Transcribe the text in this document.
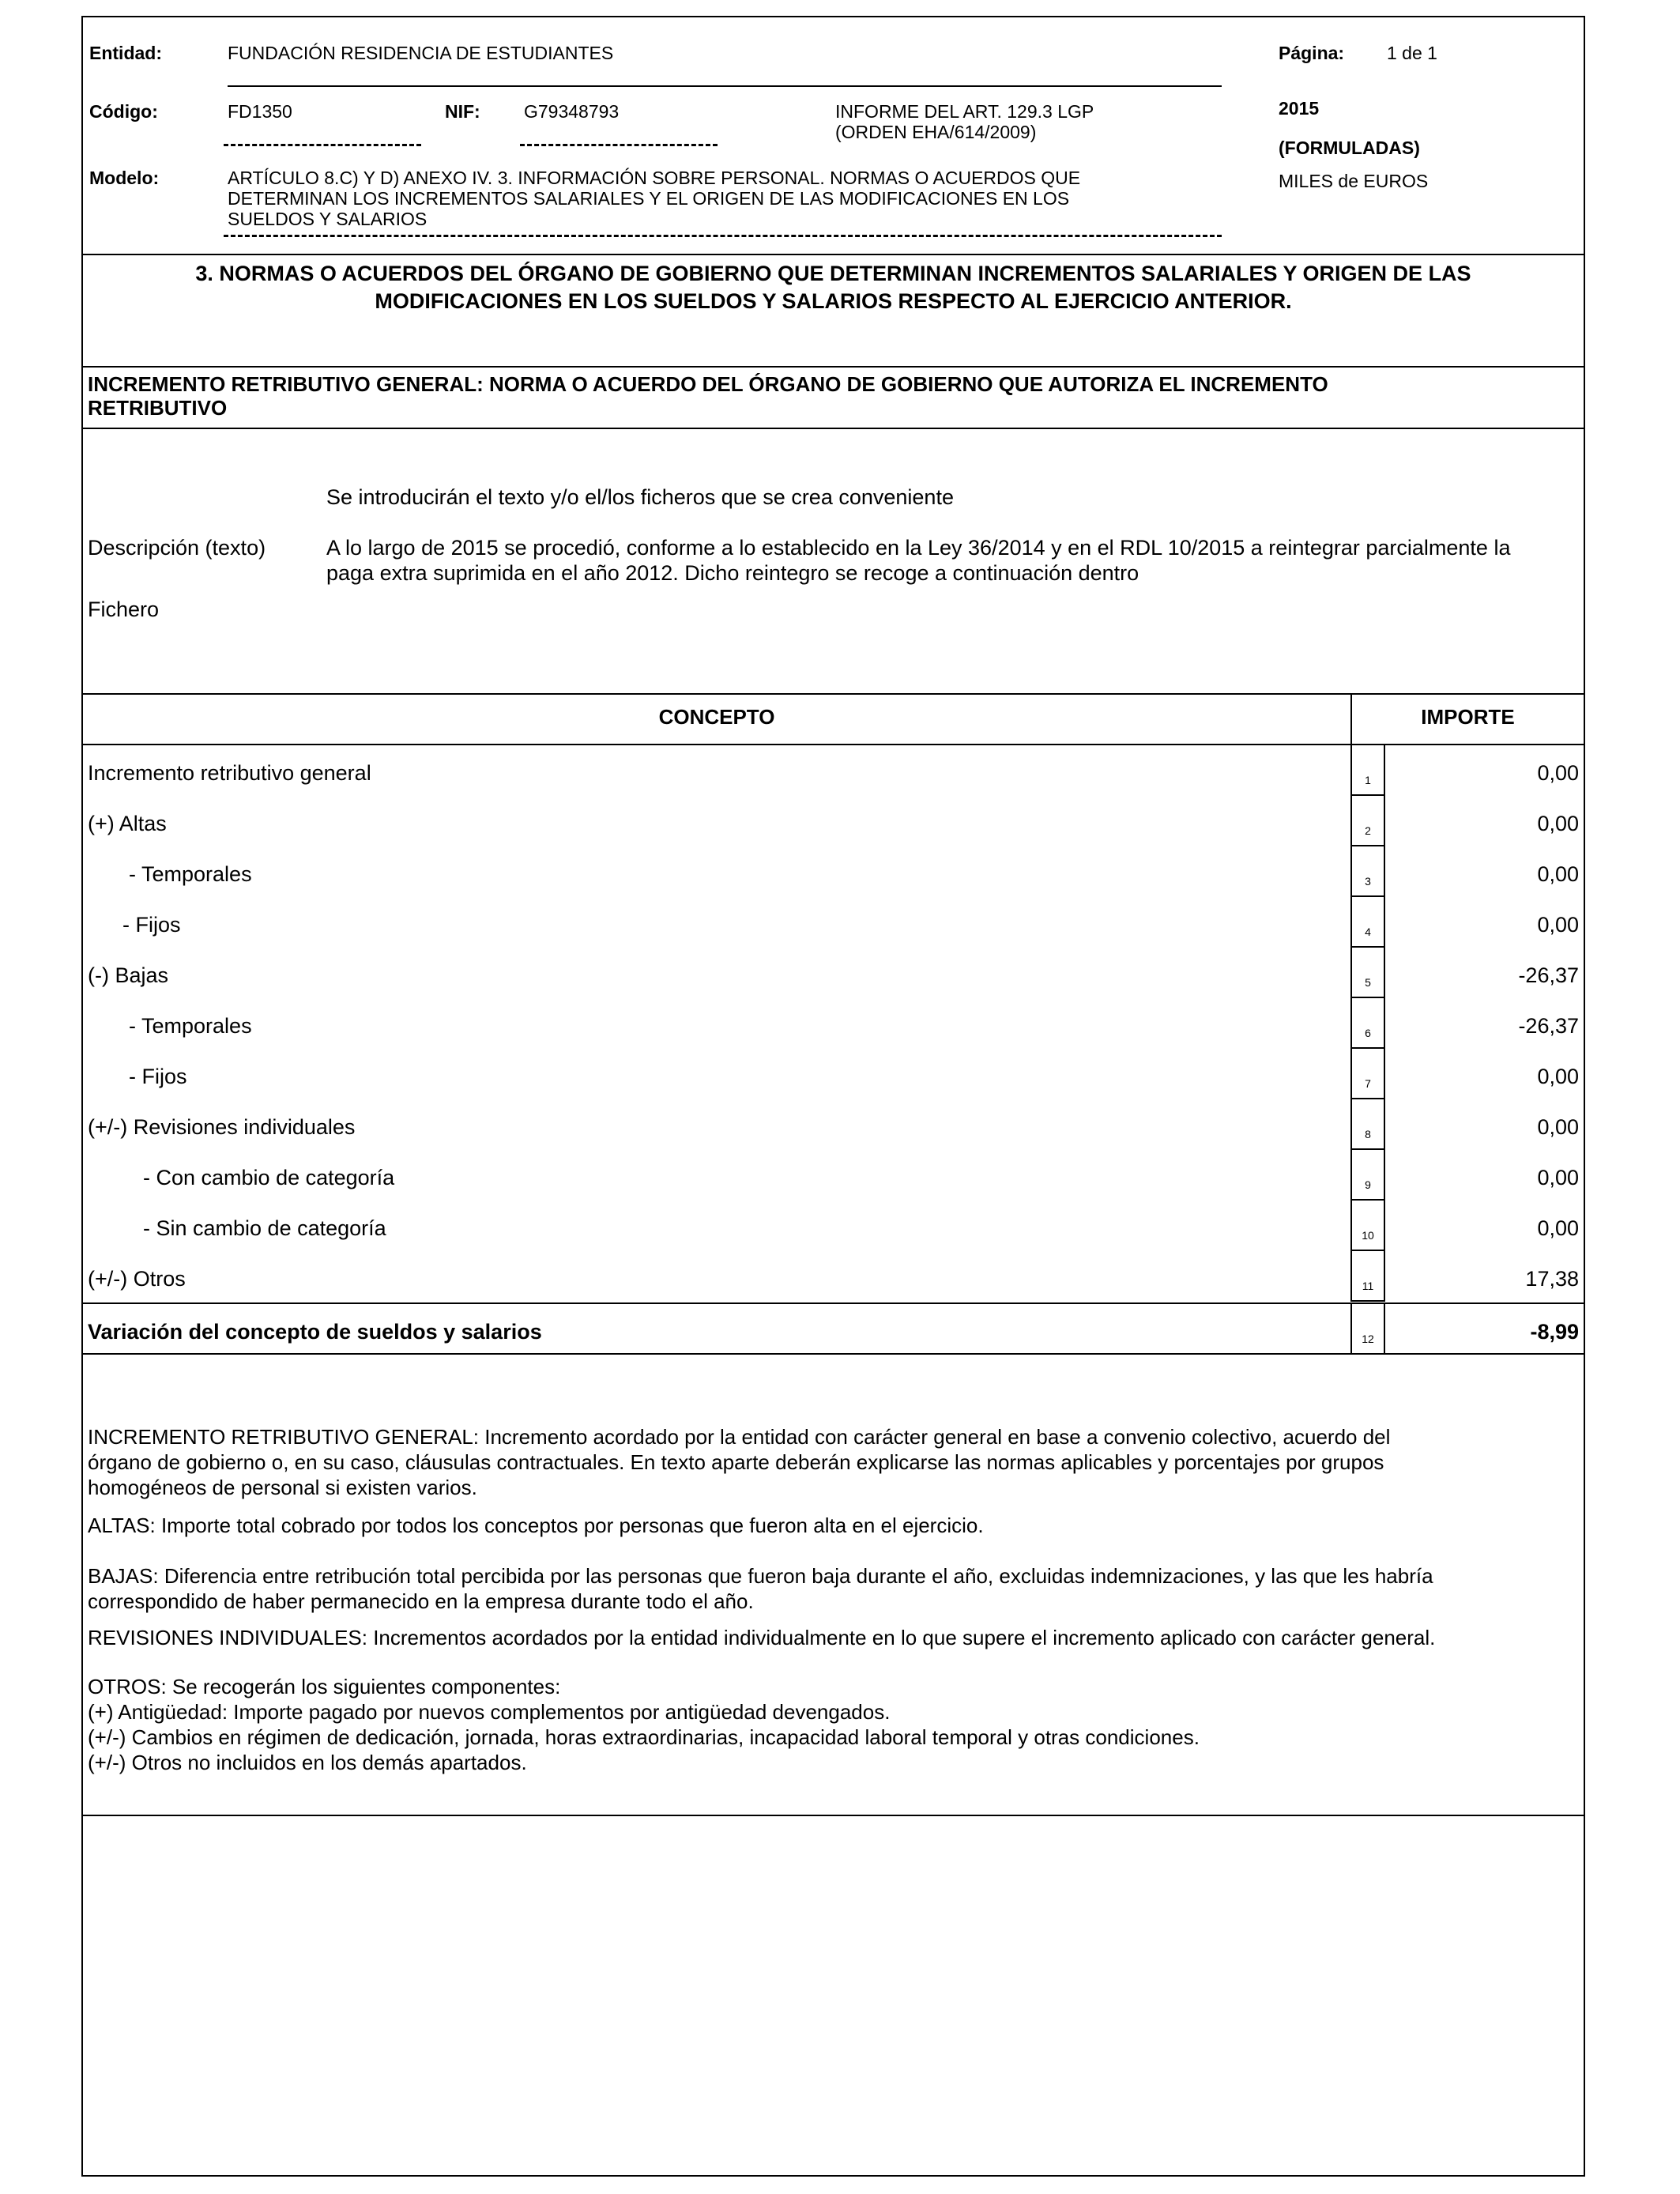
Entidad:	FUNDACIÓN RESIDENCIA DE ESTUDIANTES	Página: 1 de 1
Código:	FD1350	NIF: G79348793	INFORME DEL ART. 129.3 LGP
(ORDEN EHA/614/2009)
2015
(FORMULADAS)
Modelo:	ARTÍCULO 8.C) Y D) ANEXO IV. 3. INFORMACIÓN SOBRE PERSONAL. NORMAS O ACUERDOS QUE
DETERMINAN LOS INCREMENTOS SALARIALES Y EL ORIGEN DE LAS MODIFICACIONES EN LOS
SUELDOS Y SALARIOS
MILES de EUROS
3. NORMAS O ACUERDOS DEL ÓRGANO DE GOBIERNO QUE DETERMINAN INCREMENTOS SALARIALES Y ORIGEN DE LAS
MODIFICACIONES EN LOS SUELDOS Y SALARIOS RESPECTO AL EJERCICIO ANTERIOR.
INCREMENTO RETRIBUTIVO GENERAL: NORMA O ACUERDO DEL ÓRGANO DE GOBIERNO QUE AUTORIZA EL INCREMENTO
RETRIBUTIVO
Se introducirán el texto y/o el/los ficheros que se crea conveniente
Descripción (texto)	A lo largo de 2015 se procedió, conforme a lo establecido en la Ley 36/2014 y en el RDL 10/2015 a reintegrar parcialmente la
paga extra suprimida en el año 2012. Dicho reintegro se recoge a continuación dentro
Fichero
CONCEPTO	IMPORTE
Incremento retributivo general	1	0,00
(+) Altas	2	0,00
- Temporales	3	0,00
- Fijos	4	0,00
(-) Bajas	5	-26,37
- Temporales	6	-26,37
- Fijos	7	0,00
(+/-) Revisiones individuales	8	0,00
- Con cambio de categoría	9	0,00
- Sin cambio de categoría	10	0,00
(+/-) Otros	11	17,38
Variación del concepto de sueldos y salarios	12	-8,99
INCREMENTO RETRIBUTIVO GENERAL: Incremento acordado por la entidad con carácter general en base a convenio colectivo, acuerdo del
órgano de gobierno o, en su caso, cláusulas contractuales. En texto aparte deberán explicarse las normas aplicables y porcentajes por grupos
homogéneos de personal si existen varios.
ALTAS: Importe total cobrado por todos los conceptos por personas que fueron alta en el ejercicio.
BAJAS: Diferencia entre retribución total percibida por las personas que fueron baja durante el año, excluidas indemnizaciones, y las que les habría
correspondido de haber permanecido en la empresa durante todo el año.
REVISIONES INDIVIDUALES: Incrementos acordados por la entidad individualmente en lo que supere el incremento aplicado con carácter general.
OTROS: Se recogerán los siguientes componentes:
(+) Antigüedad: Importe pagado por nuevos complementos por antigüedad devengados.
(+/-) Cambios en régimen de dedicación, jornada, horas extraordinarias, incapacidad laboral temporal y otras condiciones.
(+/-) Otros no incluidos en los demás apartados.
